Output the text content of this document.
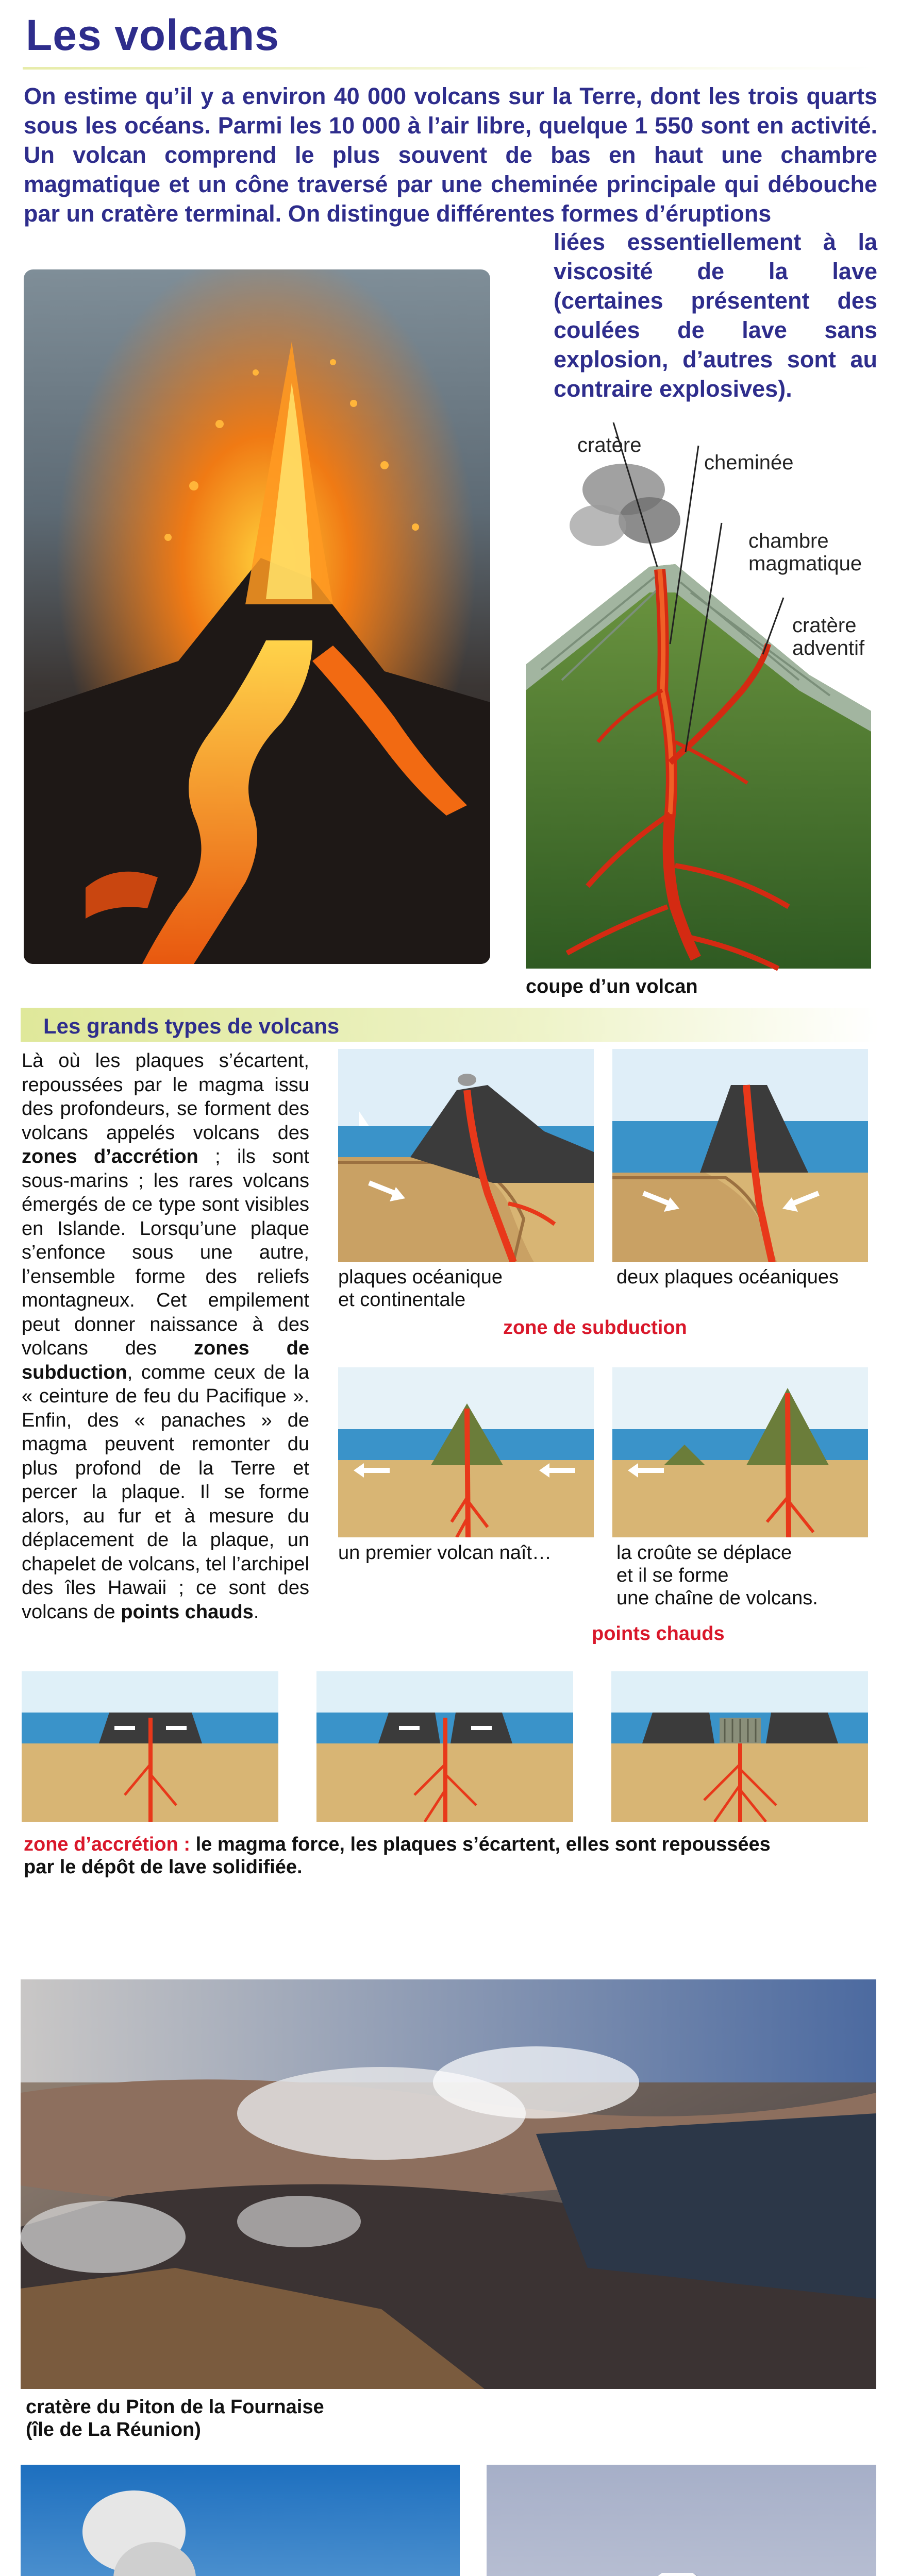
Les volcans
On estime qu’il y a environ 40 000 volcans sur la Terre, dont les trois quarts sous les océans. Parmi les 10 000 à l’air libre, quelque 1 550 sont en activité. Un volcan comprend le plus souvent de bas en haut une chambre magmatique et un cône traversé par une cheminée principale qui débouche par un cratère terminal. On distingue différentes formes d’éruptions
liées essentiellement à la viscosité de la lave (certaines présentent des coulées de lave sans explosion, d’autres sont au contraire explosives).
cratère
cheminée
chambre
magmatique
cratère
adventif
coupe d’un volcan
Les grands types de volcans
Là où les plaques s’écartent, repoussées par le magma issu des profondeurs, se forment des volcans appelés volcans des zones d’accrétion ; ils sont sous-marins ; les rares volcans émergés de ce type sont visibles en Islande. Lorsqu’une plaque s’enfonce sous une autre, l’ensemble forme des reliefs montagneux. Cet empilement peut donner naissance à des volcans des zones de subduction, comme ceux de la « ceinture de feu du Pacifique ». Enfin, des « panaches » de magma peuvent remonter du plus profond de la Terre et percer la plaque. Il se forme alors, au fur et à mesure du déplacement de la plaque, un chapelet de volcans, tel l’archipel des îles Hawaii ; ce sont des volcans de points chauds.
plaques océanique
et continentale
deux plaques océaniques
zone de subduction
un premier volcan naît…	la croûte se déplace
et il se forme
une chaîne de volcans.
points chauds
zone d’accrétion : le magma force, les plaques s’écartent, elles sont repoussées
par le dépôt de lave solidifiée.
cratère du Piton de la Fournaise
(île de La Réunion)
